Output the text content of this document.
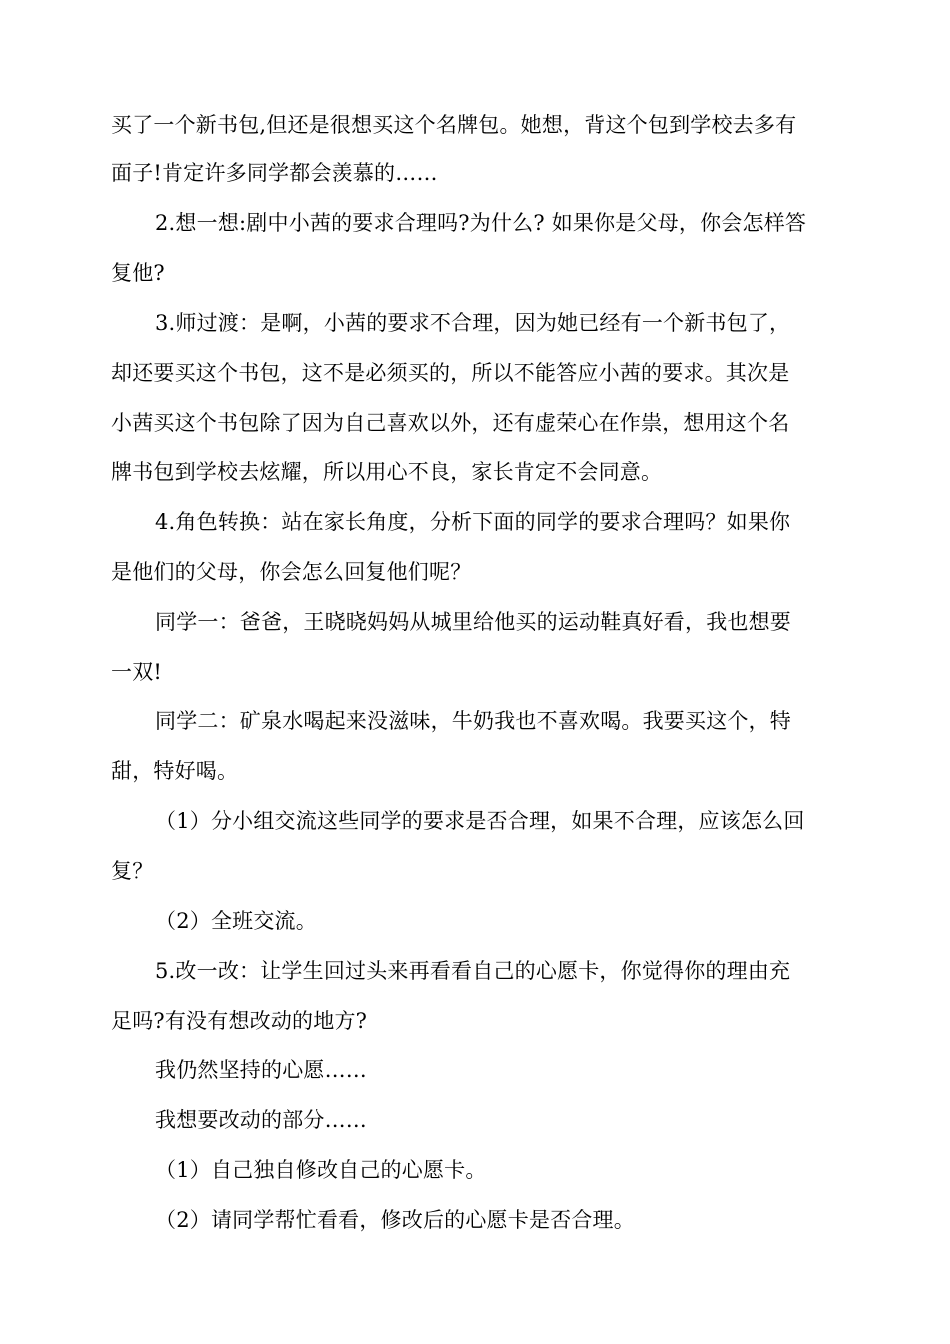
买了一个新书包,但还是很想买这个名牌包。她想，背这个包到学校去多有
面子!肯定许多同学都会羡慕的……
2.想一想:剧中小茜的要求合理吗?为什么? 如果你是父母，你会怎样答
复他?
3.师过渡：是啊，小茜的要求不合理，因为她已经有一个新书包了，
却还要买这个书包，这不是必须买的，所以不能答应小茜的要求。其次是
小茜买这个书包除了因为自己喜欢以外，还有虚荣心在作祟，想用这个名
牌书包到学校去炫耀，所以用心不良，家长肯定不会同意。
4.角色转换：站在家长角度，分析下面的同学的要求合理吗？如果你
是他们的父母，你会怎么回复他们呢？
同学一：爸爸，王晓晓妈妈从城里给他买的运动鞋真好看，我也想要
一双!
同学二：矿泉水喝起来没滋味，牛奶我也不喜欢喝。我要买这个，特
甜，特好喝。
（1）分小组交流这些同学的要求是否合理，如果不合理，应该怎么回
复？
（2）全班交流。
5.改一改：让学生回过头来再看看自己的心愿卡，你觉得你的理由充
足吗?有没有想改动的地方?
我仍然坚持的心愿……
我想要改动的部分……
（1）自己独自修改自己的心愿卡。
（2）请同学帮忙看看，修改后的心愿卡是否合理。
